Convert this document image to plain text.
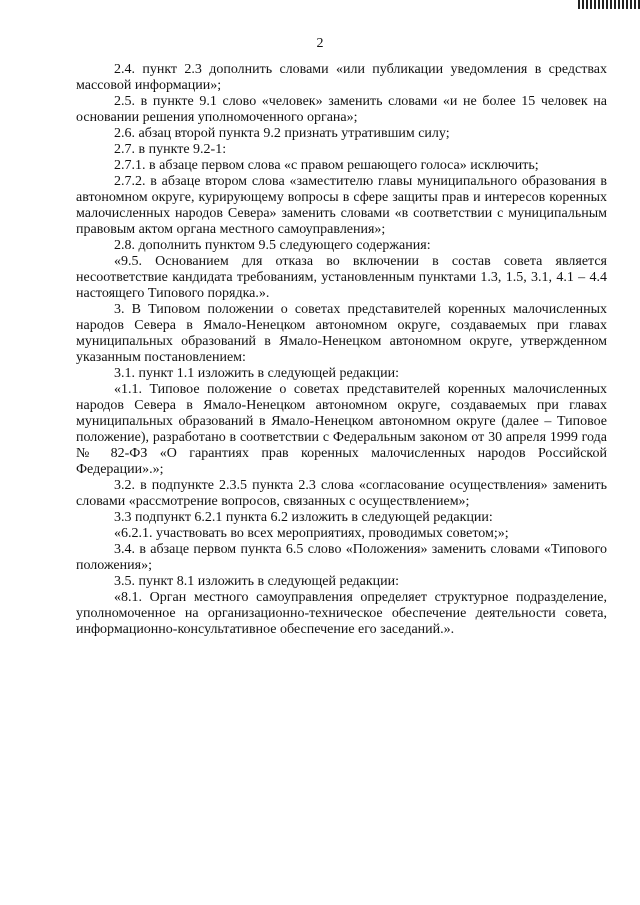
2

2.4. пункт 2.3 дополнить словами «или публикации уведомления в средствах массовой информации»;

2.5. в пункте 9.1 слово «человек» заменить словами «и не более 15 человек на основании решения уполномоченного органа»;

2.6. абзац второй пункта 9.2 признать утратившим силу;

2.7. в пункте 9.2-1:

2.7.1. в абзаце первом слова «с правом решающего голоса» исключить;

2.7.2. в абзаце втором слова «заместителю главы муниципального образования в автономном округе, курирующему вопросы в сфере защиты прав и интересов коренных малочисленных народов Севера» заменить словами «в соответствии с муниципальным правовым актом органа местного самоуправления»;

2.8. дополнить пунктом 9.5 следующего содержания:

«9.5. Основанием для отказа во включении в состав совета является несоответствие кандидата требованиям, установленным пунктами 1.3, 1.5, 3.1, 4.1 – 4.4 настоящего Типового порядка.».

3. В Типовом положении о советах представителей коренных малочисленных народов Севера в Ямало-Ненецком автономном округе, создаваемых при главах муниципальных образований в Ямало-Ненецком автономном округе, утвержденном указанным постановлением:

3.1. пункт 1.1 изложить в следующей редакции:

«1.1. Типовое положение о советах представителей коренных малочисленных народов Севера в Ямало-Ненецком автономном округе, создаваемых при главах муниципальных образований в Ямало-Ненецком автономном округе (далее – Типовое положение), разработано в соответствии с Федеральным законом от 30 апреля 1999 года № 82-ФЗ «О гарантиях прав коренных малочисленных народов Российской Федерации».»;

3.2. в подпункте 2.3.5 пункта 2.3 слова «согласование осуществления» заменить словами «рассмотрение вопросов, связанных с осуществлением»;

3.3 подпункт 6.2.1 пункта 6.2 изложить в следующей редакции:

«6.2.1. участвовать во всех мероприятиях, проводимых советом;»;

3.4. в абзаце первом пункта 6.5 слово «Положения» заменить словами «Типового положения»;

3.5. пункт 8.1 изложить в следующей редакции:

«8.1. Орган местного самоуправления определяет структурное подразделение, уполномоченное на организационно-техническое обеспечение деятельности совета, информационно-консультативное обеспечение его заседаний.».
